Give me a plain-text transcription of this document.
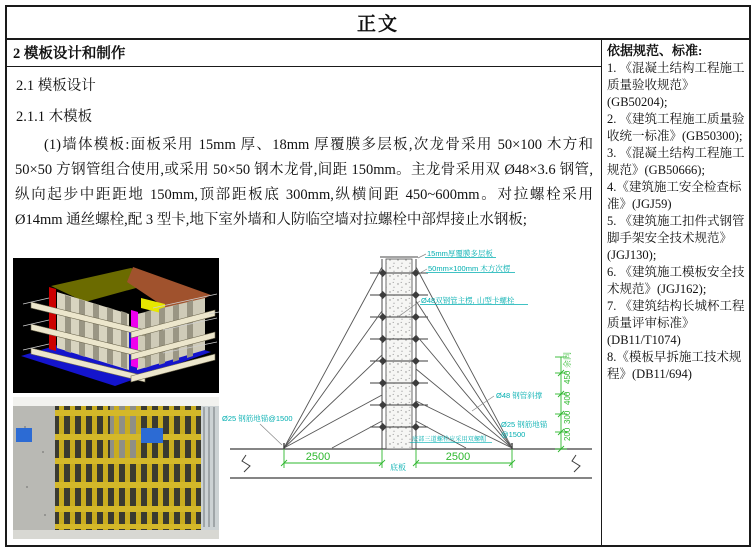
正文
2 模板设计和制作
2.1 模板设计
2.1.1 木模板

(1)墙体模板:面板采用 15mm 厚、18mm 厚覆膜多层板,次龙骨采用 50×100 木方和 50×50 方钢管组合使用,或采用 50×50 钢木龙骨,间距 150mm。主龙骨采用双 Ø48×3.6 钢管,纵向起步中距距地 150mm,顶部距板底 300mm,纵横间距 450~600mm。对拉螺栓采用 Ø14mm 通丝螺栓,配 3 型卡,地下室外墙和人防临空墙对拉螺栓中部焊接止水钢板;

2500	2500
底板
200
300
400
450
余同
15mm厚覆膜多层板
50mm×100mm 木方次楞
Ø48双钢管主楞, 山型卡螺栓
Ø48 钢管斜撑
Ø25 钢筋地锚
@1500
Ø25 钢筋地锚@1500
底部三道螺栓应采用双螺帽
依据规范、标准:
1. 《混凝土结构工程施工质量验收规范》(GB50204);
2. 《建筑工程施工质量验收统一标准》(GB50300);
3. 《混凝土结构工程施工规范》(GB50666);
4.《建筑施工安全检查标准》(JGJ59)
5. 《建筑施工扣件式钢管脚手架安全技术规范》(JGJ130);
6. 《建筑施工模板安全技术规范》(JGJ162);
7. 《建筑结构长城杯工程质量评审标准》(DB11/T1074)
8.《模板早拆施工技术规程》(DB11/694)
